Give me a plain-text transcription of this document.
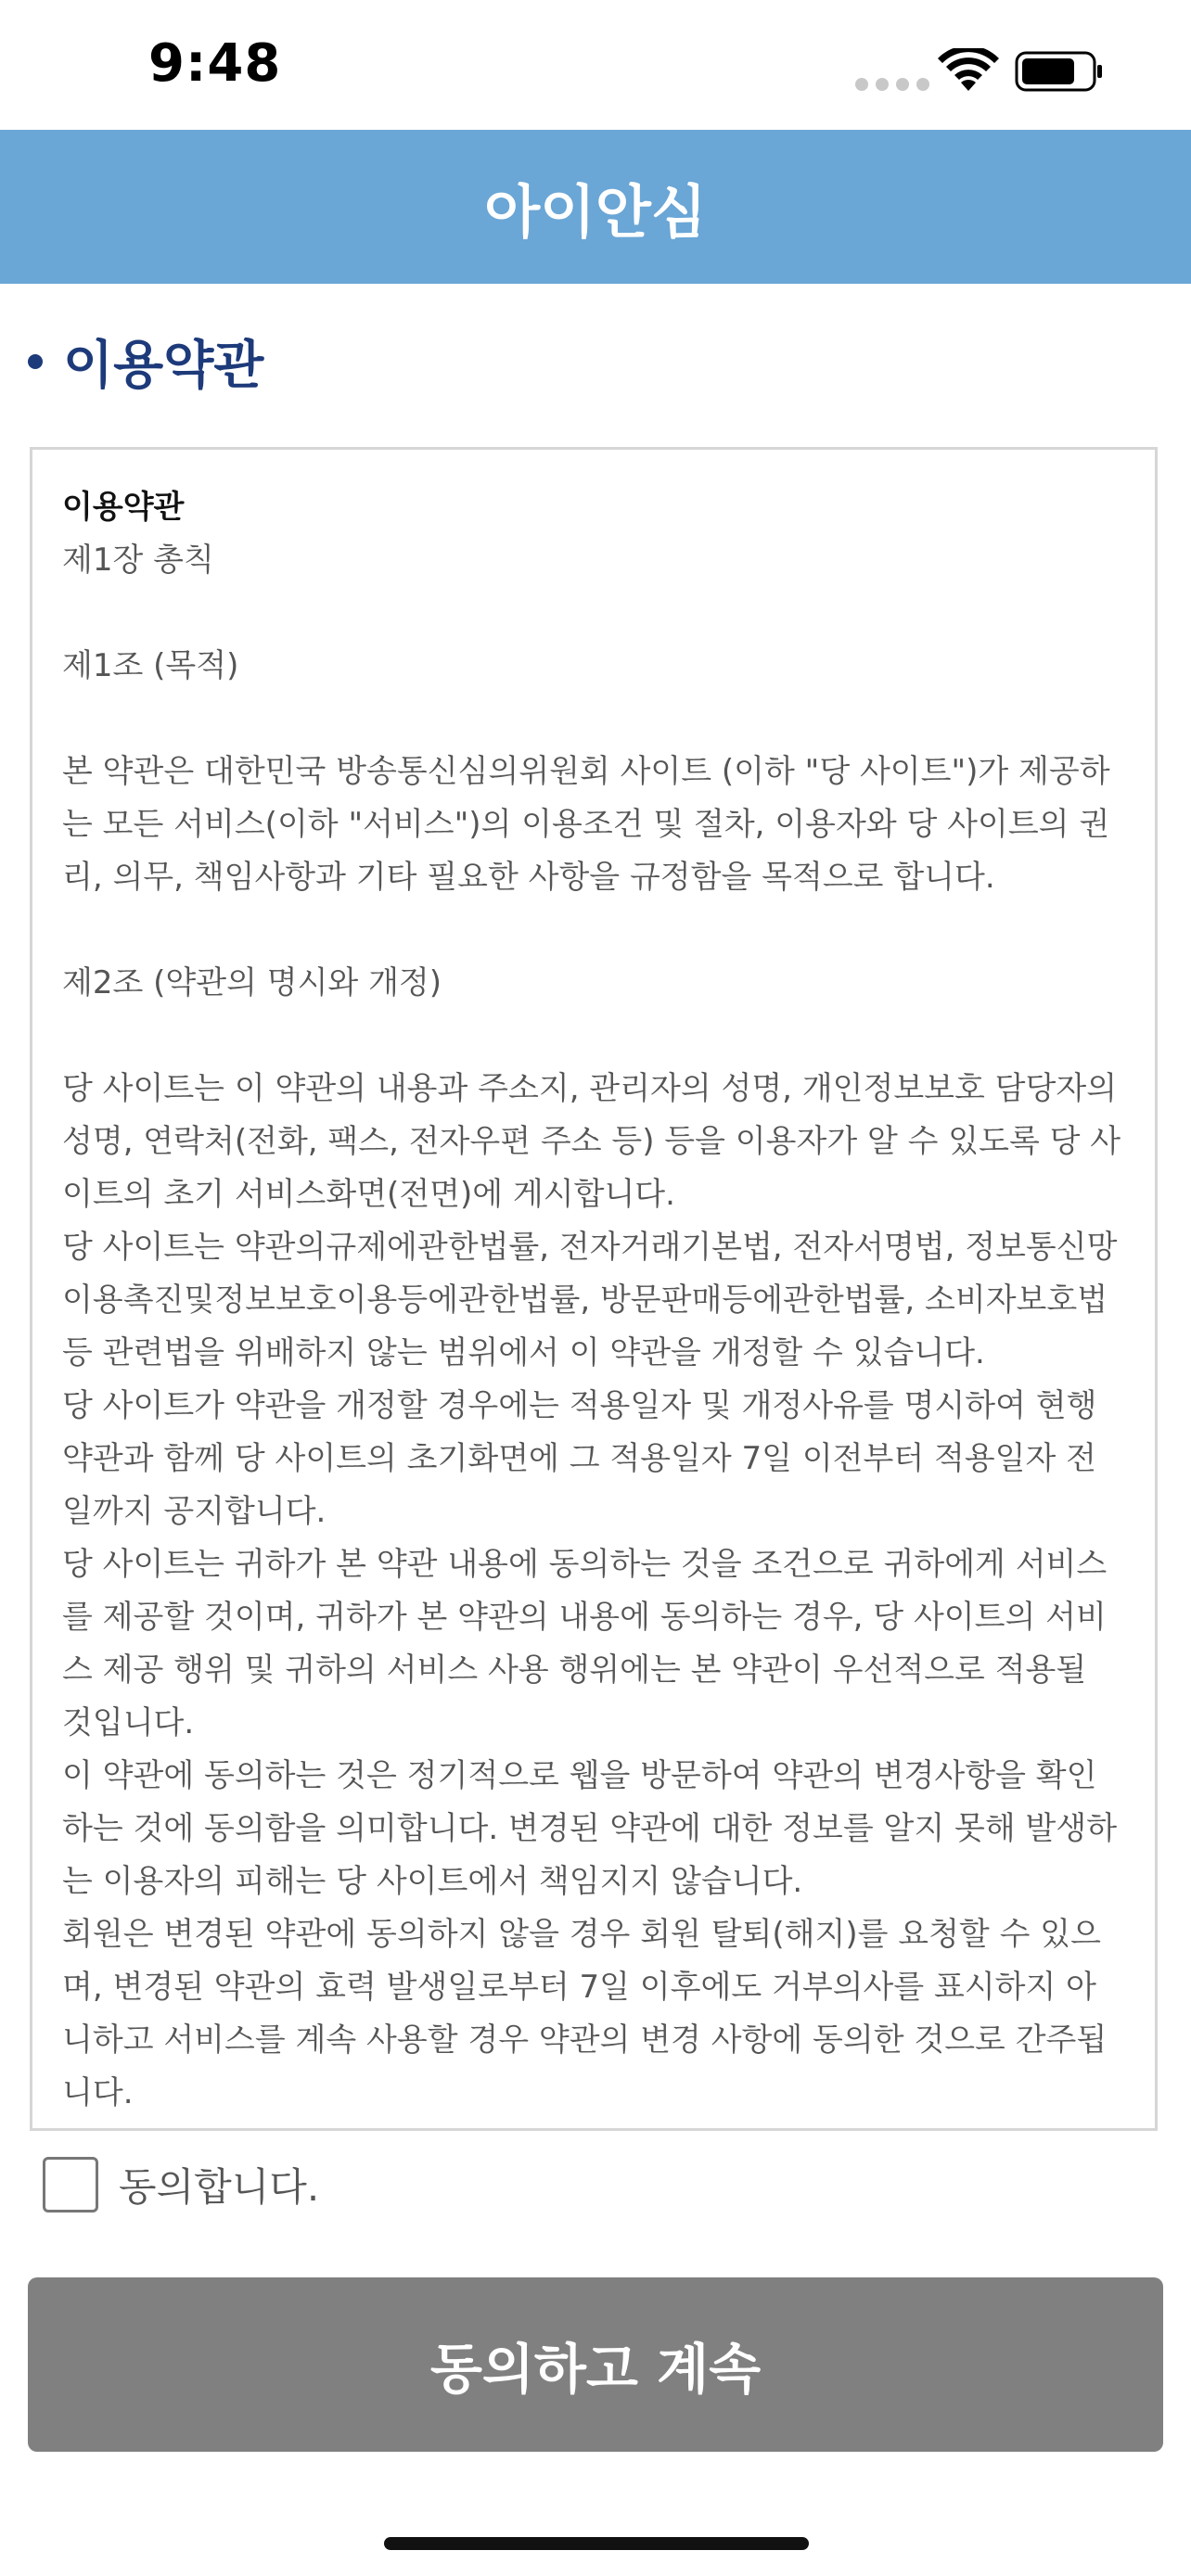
9:48
아이안심
이용약관

이용약관

제1장 총칙

제1조 (목적)

본 약관은 대한민국 방송통신심의위원회 사이트 (이하 "당 사이트")가 제공하는 모든 서비스(이하 "서비스")의 이용조건 및 절차, 이용자와 당 사이트의 권리, 의무, 책임사항과 기타 필요한 사항을 규정함을 목적으로 합니다.

제2조 (약관의 명시와 개정)

당 사이트는 이 약관의 내용과 주소지, 관리자의 성명, 개인정보보호 담당자의 성명, 연락처(전화, 팩스, 전자우편 주소 등) 등을 이용자가 알 수 있도록 당 사이트의 초기 서비스화면(전면)에 게시합니다.

당 사이트는 약관의규제에관한법률, 전자거래기본법, 전자서명법, 정보통신망이용촉진및정보보호이용등에관한법률, 방문판매등에관한법률, 소비자보호법 등 관련법을 위배하지 않는 범위에서 이 약관을 개정할 수 있습니다.

당 사이트가 약관을 개정할 경우에는 적용일자 및 개정사유를 명시하여 현행약관과 함께 당 사이트의 초기화면에 그 적용일자 7일 이전부터 적용일자 전일까지 공지합니다.

당 사이트는 귀하가 본 약관 내용에 동의하는 것을 조건으로 귀하에게 서비스를 제공할 것이며, 귀하가 본 약관의 내용에 동의하는 경우, 당 사이트의 서비스 제공 행위 및 귀하의 서비스 사용 행위에는 본 약관이 우선적으로 적용될 것입니다.

이 약관에 동의하는 것은 정기적으로 웹을 방문하여 약관의 변경사항을 확인하는 것에 동의함을 의미합니다. 변경된 약관에 대한 정보를 알지 못해 발생하는 이용자의 피해는 당 사이트에서 책임지지 않습니다.

회원은 변경된 약관에 동의하지 않을 경우 회원 탈퇴(해지)를 요청할 수 있으 며, 변경된 약관의 효력 발생일로부터 7일 이후에도 거부의사를 표시하지 아니하고 서비스를 계속 사용할 경우 약관의 변경 사항에 동의한 것으로 간주됩니다.

동의합니다.
동의하고 계속
